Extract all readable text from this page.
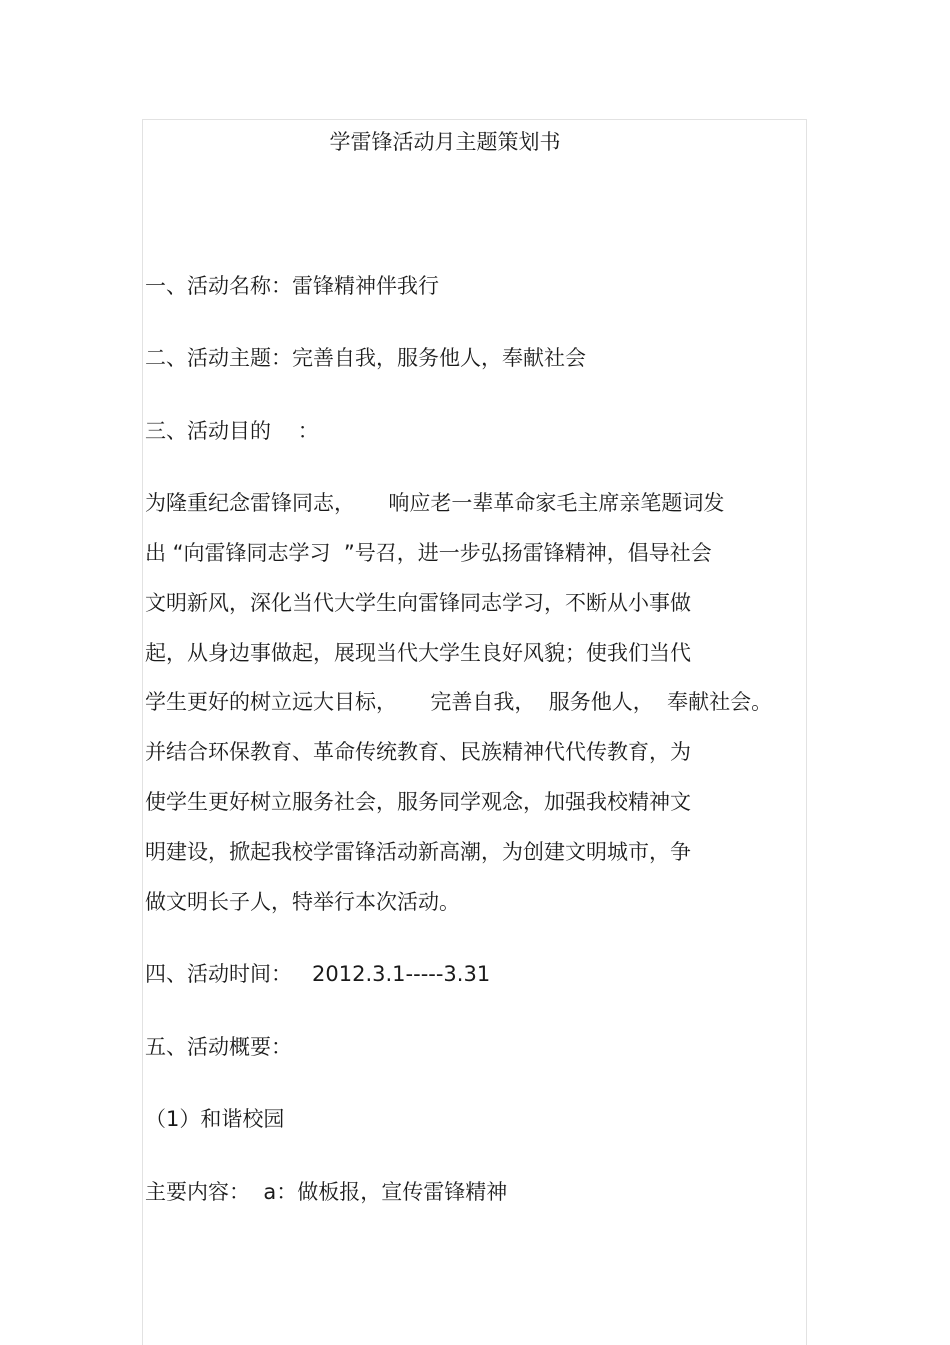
学雷锋活动月主题策划书
一、活动名称：雷锋精神伴我行
二、活动主题：完善自我，服务他人，奉献社会
三、活动目的    ：
为隆重纪念雷锋同志，     响应老一辈革命家毛主席亲笔题词发
出 “向雷锋同志学习  ”号召，进一步弘扬雷锋精神，倡导社会
文明新风，深化当代大学生向雷锋同志学习，不断从小事做
起，从身边事做起，展现当代大学生良好风貌；使我们当代
学生更好的树立远大目标，     完善自我，  服务他人，  奉献社会。
并结合环保教育、革命传统教育、民族精神代代传教育，为
使学生更好树立服务社会，服务同学观念，加强我校精神文
明建设，掀起我校学雷锋活动新高潮，为创建文明城市，争
做文明长子人，特举行本次活动。
四、活动时间：   2012.3.1-----3.31
五、活动概要：
（1）和谐校园
主要内容：  a：做板报，宣传雷锋精神
